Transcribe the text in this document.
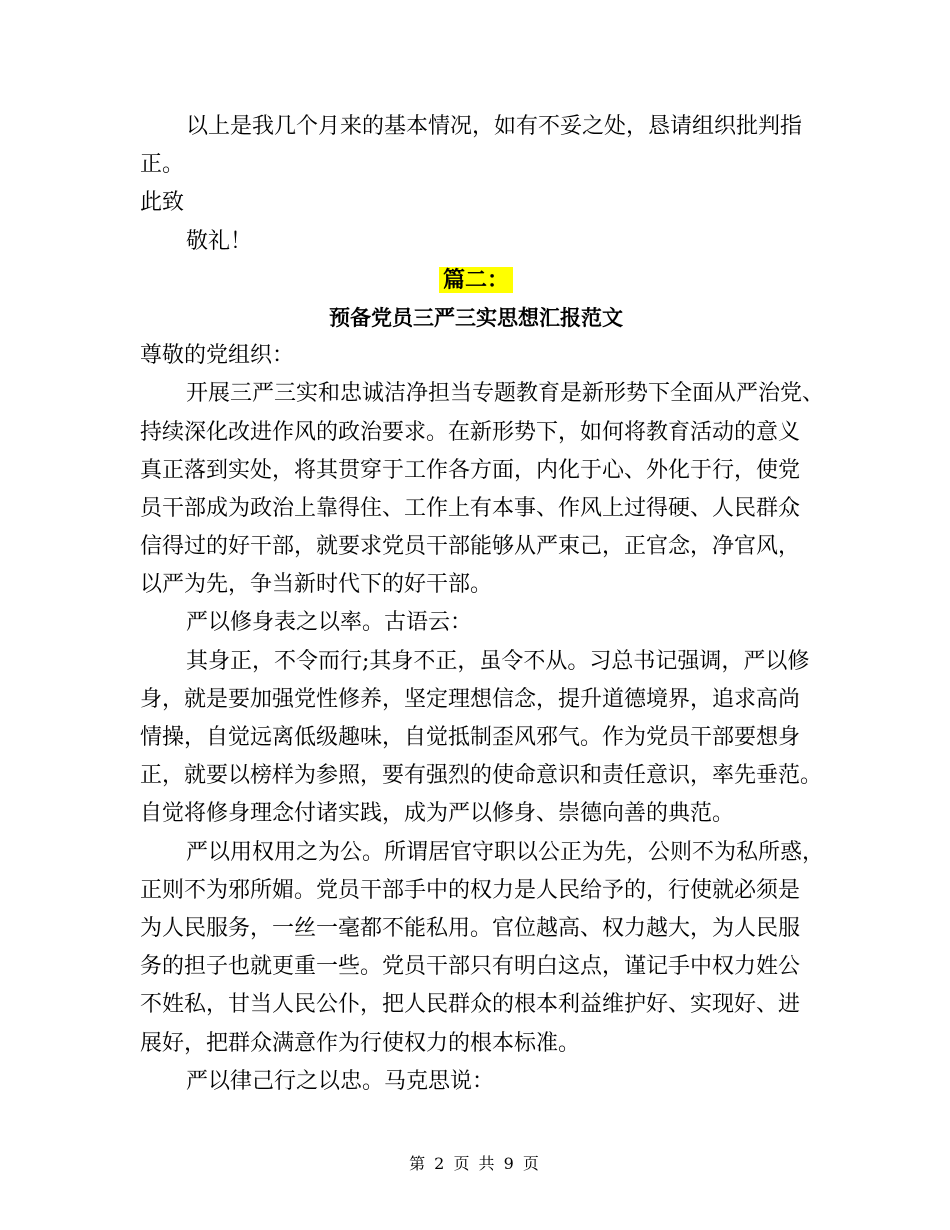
以上是我几个月来的基本情况，如有不妥之处，恳请组织批判指
正。
此致
敬礼！
篇二：
预备党员三严三实思想汇报范文
尊敬的党组织：
开展三严三实和忠诚洁净担当专题教育是新形势下全面从严治党、
持续深化改进作风的政治要求。在新形势下，如何将教育活动的意义
真正落到实处，将其贯穿于工作各方面，内化于心、外化于行，使党
员干部成为政治上靠得住、工作上有本事、作风上过得硬、人民群众
信得过的好干部，就要求党员干部能够从严束己，正官念，净官风，
以严为先，争当新时代下的好干部。
严以修身表之以率。古语云：
其身正，不令而行;其身不正，虽令不从。习总书记强调，严以修
身，就是要加强党性修养，坚定理想信念，提升道德境界，追求高尚
情操，自觉远离低级趣味，自觉抵制歪风邪气。作为党员干部要想身
正，就要以榜样为参照，要有强烈的使命意识和责任意识，率先垂范。
自觉将修身理念付诸实践，成为严以修身、崇德向善的典范。
严以用权用之为公。所谓居官守职以公正为先，公则不为私所惑，
正则不为邪所媚。党员干部手中的权力是人民给予的，行使就必须是
为人民服务，一丝一毫都不能私用。官位越高、权力越大，为人民服
务的担子也就更重一些。党员干部只有明白这点，谨记手中权力姓公
不姓私，甘当人民公仆，把人民群众的根本利益维护好、实现好、进
展好，把群众满意作为行使权力的根本标准。
严以律己行之以忠。马克思说：
第 2 页 共 9 页
